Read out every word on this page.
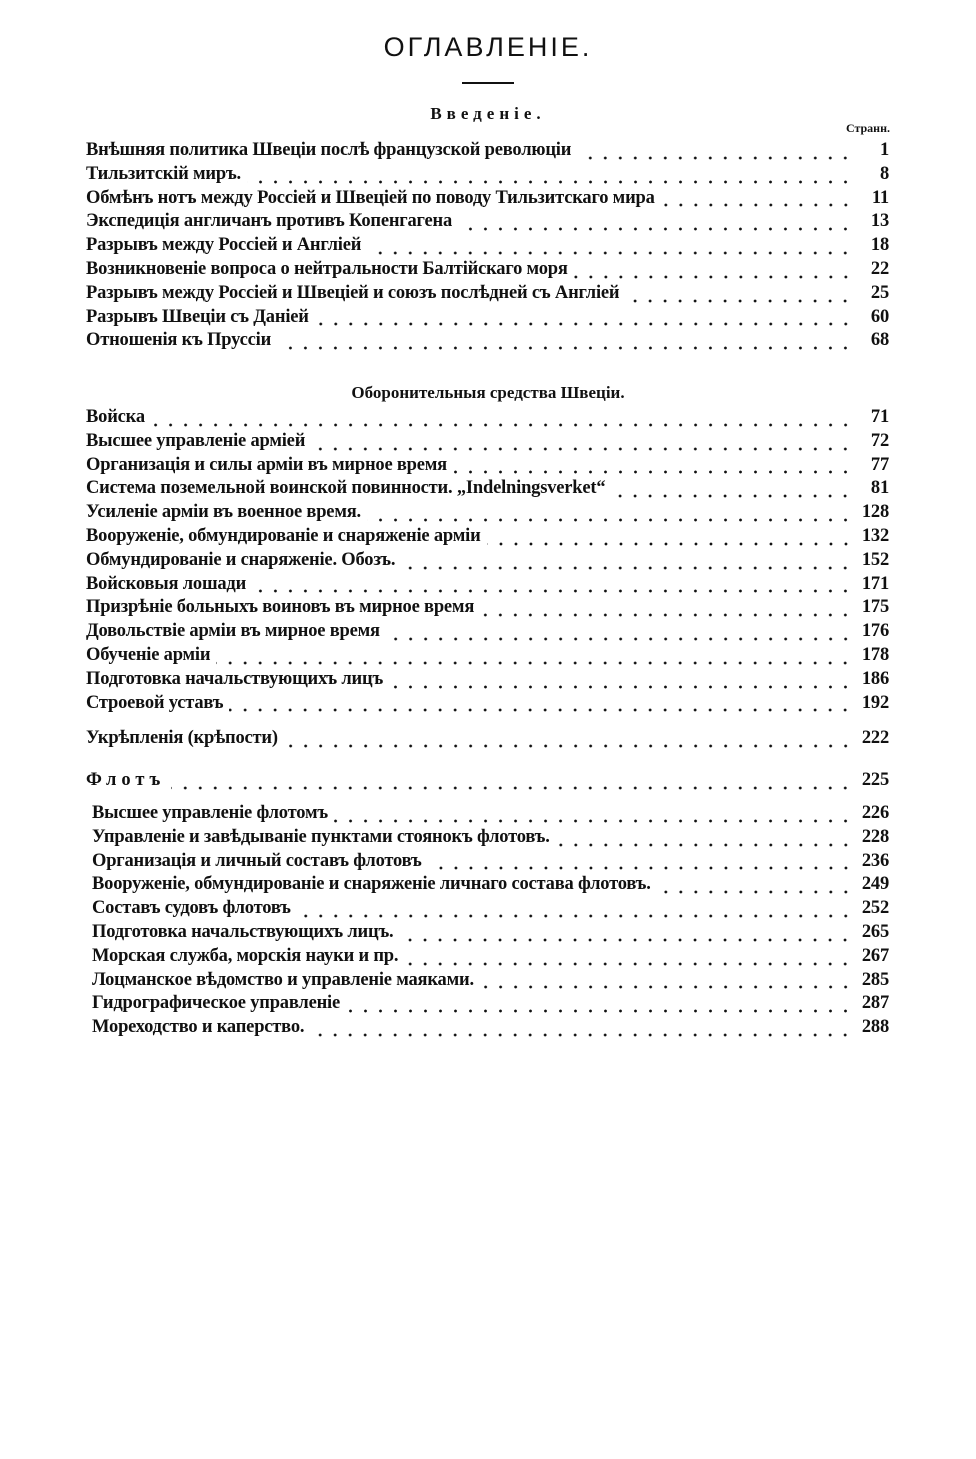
ОГЛАВЛЕНІЕ.
Введеніе.
Странн.
Внѣшняя политика Швеціи послѣ французской революціи	1
Тильзитскій миръ.	8
Обмѣнъ нотъ между Россіей и Швеціей по поводу Тильзитскаго мира	11
Экспедиція англичанъ противъ Копенгагена	13
Разрывъ между Россіей и Англіей	18
Возникновеніе вопроса о нейтральности Балтійскаго моря	22
Разрывъ между Россіей и Швеціей и союзъ послѣдней съ Англіей	25
Разрывъ Швеціи съ Даніей	60
Отношенія къ Пруссіи	68
Оборонительныя средства Швеціи.
Войска	71
Высшее управленіе арміей	72
Организація и силы арміи въ мирное время	77
Система поземельной воинской повинности. „Indelningsverket“	81
Усиленіе арміи въ военное время.	128
Вооруженіе, обмундированіе и снаряженіе арміи	132
Обмундированіе и снаряженіе. Обозъ.	152
Войсковыя лошади	171
Призрѣніе больныхъ воиновъ въ мирное время	175
Довольствіе арміи въ мирное время	176
Обученіе арміи	178
Подготовка начальствующихъ лицъ	186
Строевой уставъ	192
Укрѣпленія (крѣпости)	222
Флотъ	225
Высшее управленіе флотомъ	226
Управленіе и завѣдываніе пунктами стоянокъ флотовъ.	228
Организація и личный составъ флотовъ	236
Вооруженіе, обмундированіе и снаряженіе личнаго состава флотовъ.	249
Составъ судовъ флотовъ	252
Подготовка начальствующихъ лицъ.	265
Морская служба, морскія науки и пр.	267
Лоцманское вѣдомство и управленіе маяками.	285
Гидрографическое управленіе	287
Мореходство и каперство.	288
